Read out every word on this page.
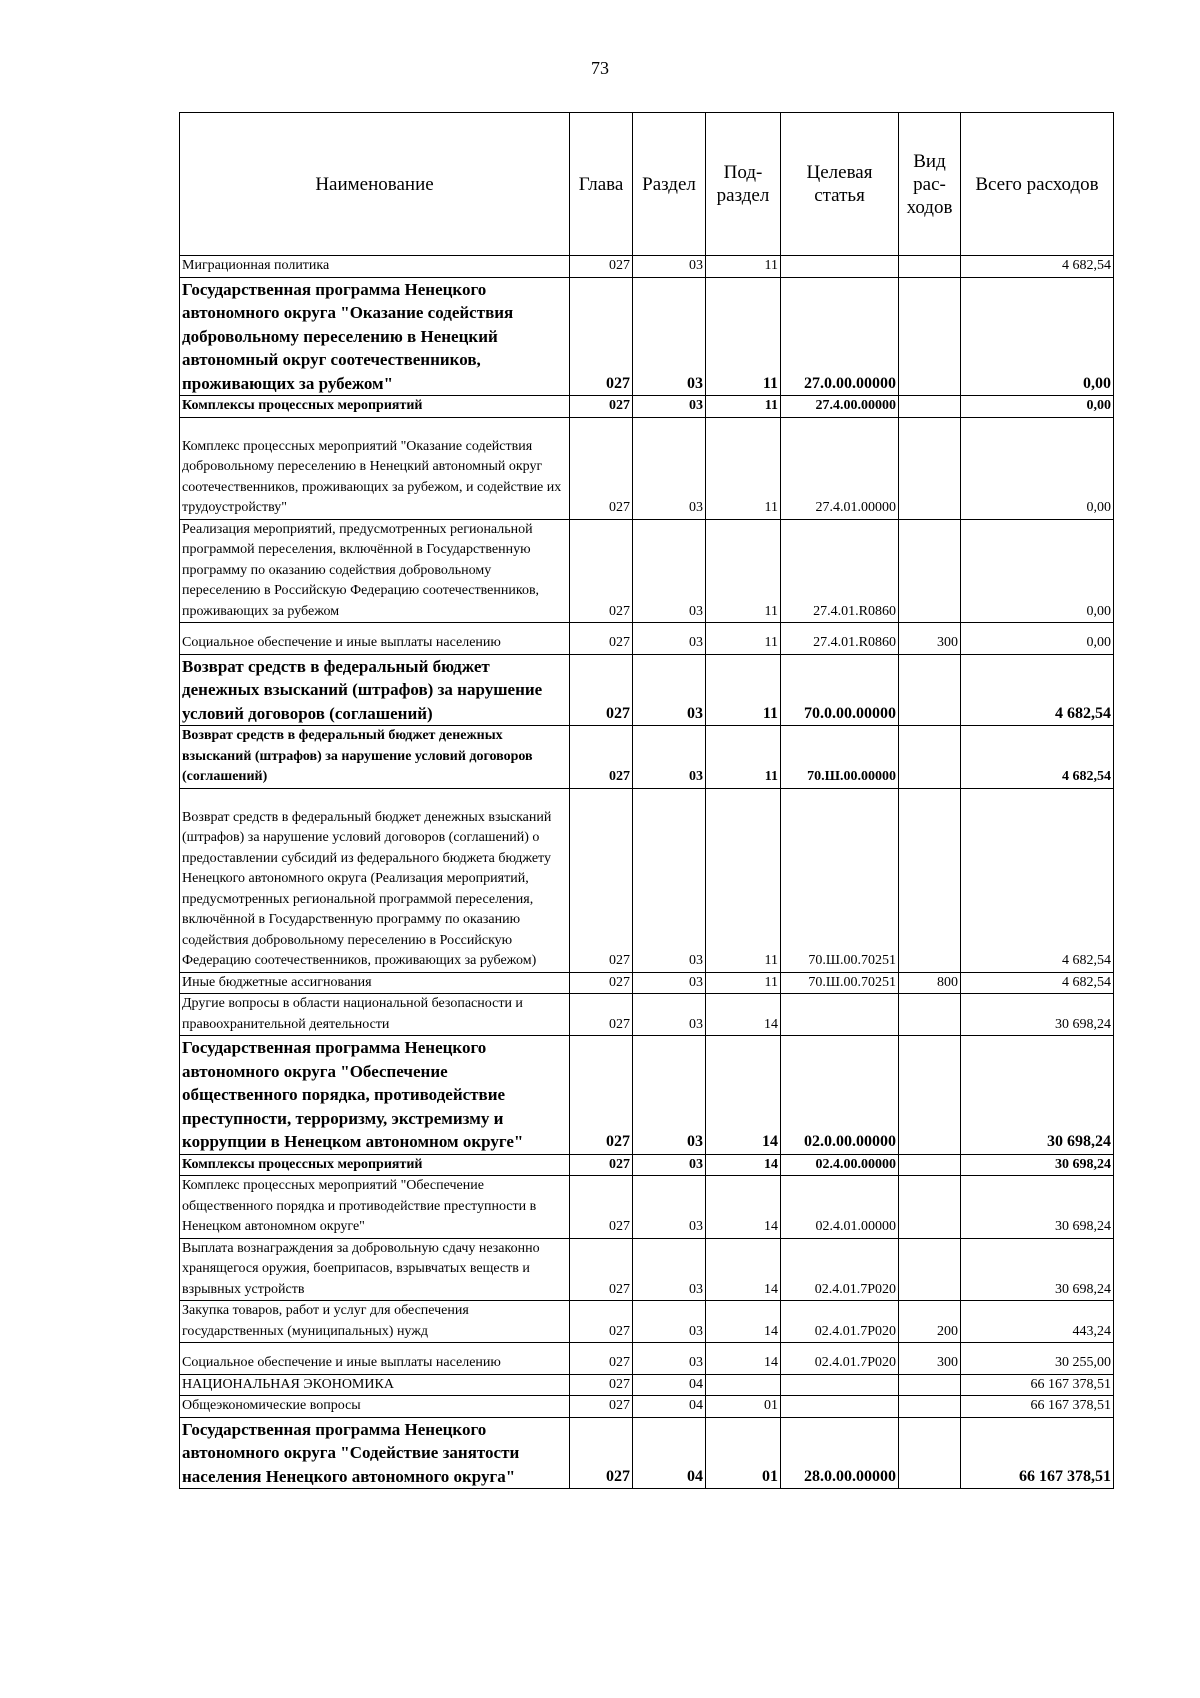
73
Наименование	Глава	Раздел	Под-раздел	Целевая статья	Вид рас-ходов	Всего расходов
Миграционная политика	027	03	11			4 682,54
Государственная программа Ненецкого автономного округа "Оказание содействия добровольному переселению в Ненецкий автономный округ соотечественников, проживающих за рубежом"	027	03	11	27.0.00.00000		0,00
Комплексы процессных мероприятий	027	03	11	27.4.00.00000		0,00
Комплекс процессных мероприятий "Оказание содействия добровольному переселению в Ненецкий автономный округ соотечественников, проживающих за рубежом, и содействие их трудоустройству"	027	03	11	27.4.01.00000		0,00
Реализация мероприятий, предусмотренных региональной программой переселения, включённой в Государственную программу по оказанию содействия добровольному переселению в Российскую Федерацию соотечественников, проживающих за рубежом	027	03	11	27.4.01.R0860		0,00
Социальное обеспечение и иные выплаты населению	027	03	11	27.4.01.R0860	300	0,00
Возврат средств в федеральный бюджет денежных взысканий (штрафов) за нарушение условий договоров (соглашений)	027	03	11	70.0.00.00000		4 682,54
Возврат средств в федеральный бюджет денежных взысканий (штрафов) за нарушение условий договоров (соглашений)	027	03	11	70.Ш.00.00000		4 682,54
Возврат средств в федеральный бюджет денежных взысканий (штрафов) за нарушение условий договоров (соглашений) о предоставлении субсидий из федерального бюджета бюджету Ненецкого автономного округа (Реализация мероприятий, предусмотренных региональной программой переселения, включённой в Государственную программу по оказанию содействия добровольному переселению в Российскую Федерацию соотечественников, проживающих за рубежом)	027	03	11	70.Ш.00.70251		4 682,54
Иные бюджетные ассигнования	027	03	11	70.Ш.00.70251	800	4 682,54
Другие вопросы в области национальной безопасности и правоохранительной деятельности	027	03	14			30 698,24
Государственная программа Ненецкого автономного округа "Обеспечение общественного порядка, противодействие преступности, терроризму, экстремизму и коррупции в Ненецком автономном округе"	027	03	14	02.0.00.00000		30 698,24
Комплексы процессных мероприятий	027	03	14	02.4.00.00000		30 698,24
Комплекс процессных мероприятий "Обеспечение общественного порядка и противодействие преступности в Ненецком автономном округе"	027	03	14	02.4.01.00000		30 698,24
Выплата вознаграждения за добровольную сдачу незаконно хранящегося оружия, боеприпасов, взрывчатых веществ и взрывных устройств	027	03	14	02.4.01.7Р020		30 698,24
Закупка товаров, работ и услуг для обеспечения государственных (муниципальных) нужд	027	03	14	02.4.01.7Р020	200	443,24
Социальное обеспечение и иные выплаты населению	027	03	14	02.4.01.7Р020	300	30 255,00
НАЦИОНАЛЬНАЯ ЭКОНОМИКА	027	04				66 167 378,51
Общеэкономические вопросы	027	04	01			66 167 378,51
Государственная программа Ненецкого автономного округа "Содействие занятости населения Ненецкого автономного округа"	027	04	01	28.0.00.00000		66 167 378,51
